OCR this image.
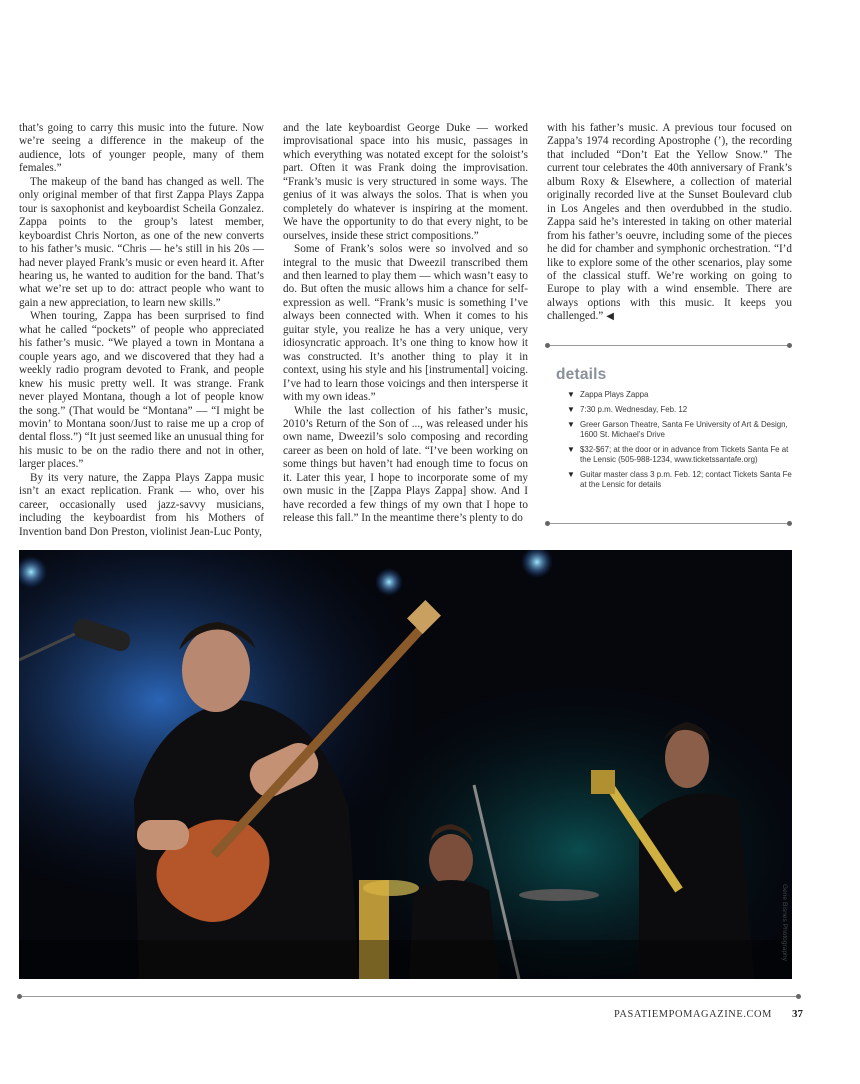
that’s going to carry this music into the future. Now we’re seeing a difference in the makeup of the audience, lots of younger people, many of them females.”

The makeup of the band has changed as well. The only original member of that first Zappa Plays Zappa tour is saxophonist and keyboardist Scheila Gonzalez. Zappa points to the group’s latest member, keyboardist Chris Norton, as one of the new converts to his father’s music. “Chris — he’s still in his 20s — had never played Frank’s music or even heard it. After hearing us, he wanted to audition for the band. That’s what we’re set up to do: attract people who want to gain a new appreciation, to learn new skills.”

When touring, Zappa has been surprised to find what he called “pockets” of people who appreciated his father’s music. “We played a town in Montana a couple years ago, and we discovered that they had a weekly radio program devoted to Frank, and people knew his music pretty well. It was strange. Frank never played Montana, though a lot of people know the song.” (That would be “Montana” — “I might be movin’ to Montana soon/Just to raise me up a crop of dental floss.”) “It just seemed like an unusual thing for his music to be on the radio there and not in other, larger places.”

By its very nature, the Zappa Plays Zappa music isn’t an exact replication. Frank — who, over his career, occasionally used jazz-savvy musicians, including the keyboardist from his Mothers of Invention band Don Preston, violinist Jean-Luc Ponty,

and the late keyboardist George Duke — worked improvisational space into his music, passages in which everything was notated except for the soloist’s part. Often it was Frank doing the improvisation. “Frank’s music is very structured in some ways. The genius of it was always the solos. That is when you completely do whatever is inspiring at the moment. We have the opportunity to do that every night, to be ourselves, inside these strict compositions.”

Some of Frank’s solos were so involved and so integral to the music that Dweezil transcribed them and then learned to play them — which wasn’t easy to do. But often the music allows him a chance for self-expression as well. “Frank’s music is something I’ve always been connected with. When it comes to his guitar style, you realize he has a very unique, very idiosyncratic approach. It’s one thing to know how it was constructed. It’s another thing to play it in context, using his style and his [instrumental] voicing. I’ve had to learn those voicings and then intersperse it with my own ideas.”

While the last collection of his father’s music, 2010’s Return of the Son of ..., was released under his own name, Dweezil’s solo composing and recording career as been on hold of late. “I’ve been working on some things but haven’t had enough time to focus on it. Later this year, I hope to incorporate some of my own music in the [Zappa Plays Zappa] show. And I have recorded a few things of my own that I hope to release this fall.” In the meantime there’s plenty to do

with his father’s music. A previous tour focused on Zappa’s 1974 recording Apostrophe (’), the recording that included “Don’t Eat the Yellow Snow.” The current tour celebrates the 40th anniversary of Frank’s album Roxy & Elsewhere, a collection of material originally recorded live at the Sunset Boulevard club in Los Angeles and then overdubbed in the studio. Zappa said he’s interested in taking on other material from his father’s oeuvre, including some of the pieces he did for chamber and symphonic orchestration. “I’d like to explore some of the other scenarios, play some of the classical stuff. We’re working on going to Europe to play with a wind ensemble. There are always options with this music. It keeps you challenged.” ◀

details
▼ Zappa Plays Zappa
▼ 7:30 p.m. Wednesday, Feb. 12
▼ Greer Garson Theatre, Santa Fe University of Art & Design, 1600 St. Michael’s Drive
▼ $32-$67; at the door or in advance from Tickets Santa Fe at the Lensic (505-988-1234, www.ticketssantafe.org)
▼ Guitar master class 3 p.m. Feb. 12; contact Tickets Santa Fe at the Lensic for details
Gene Bisnes Photography
PASATIEMPOMAGAZINE.COM 37
